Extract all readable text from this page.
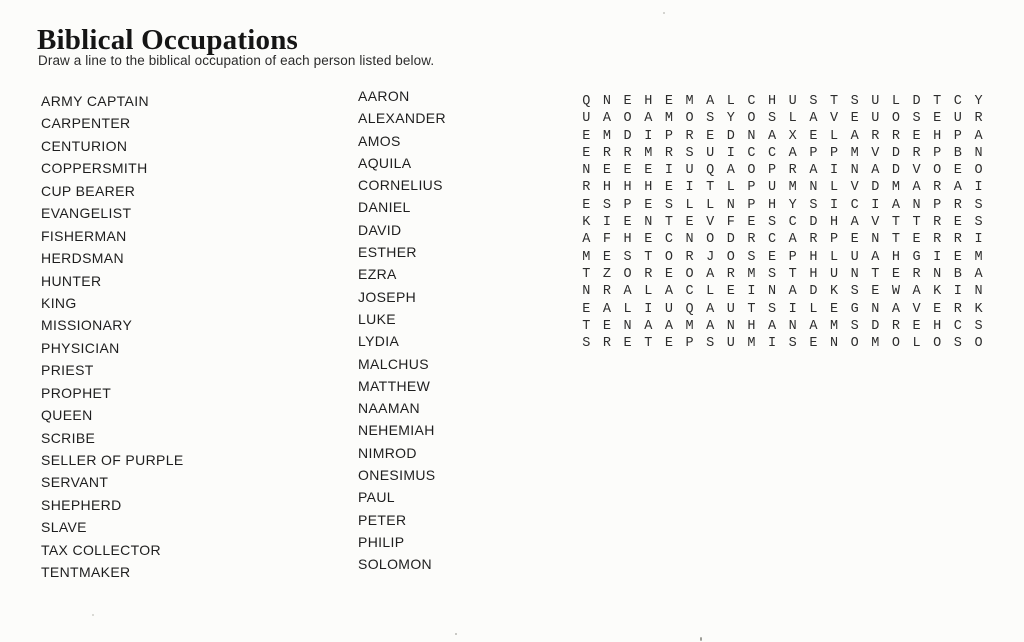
Biblical Occupations
Draw a line to the biblical occupation of each person listed below.
ARMY CAPTAIN
CARPENTER
CENTURION
COPPERSMITH
CUP BEARER
EVANGELIST
FISHERMAN
HERDSMAN
HUNTER
KING
MISSIONARY
PHYSICIAN
PRIEST
PROPHET
QUEEN
SCRIBE
SELLER OF PURPLE
SERVANT
SHEPHERD
SLAVE
TAX COLLECTOR
TENTMAKER
AARON
ALEXANDER
AMOS
AQUILA
CORNELIUS
DANIEL
DAVID
ESTHER
EZRA
JOSEPH
LUKE
LYDIA
MALCHUS
MATTHEW
NAAMAN
NEHEMIAH
NIMROD
ONESIMUS
PAUL
PETER
PHILIP
SOLOMON
Q N E H E M A L C H U S T S U L D T C Y
U A O A M O S Y O S L A V E U O S E U R
E M D I P R E D N A X E L A R R E H P A
E R R M R S U I C C A P P M V D R P B N
N E E E I U Q A O P R A I N A D V O E O
R H H H E I T L P U M N L V D M A R A I
E S P E S L L N P H Y S I C I A N P R S
K I E N T E V F E S C D H A V T T R E S
A F H E C N O D R C A R P E N T E R R I
M E S T O R J O S E P H L U A H G I E M
T Z O R E O A R M S T H U N T E R N B A
N R A L A C L E I N A D K S E W A K I N
E A L I U Q A U T S I L E G N A V E R K
T E N A A M A N H A N A M S D R E H C S
S R E T E P S U M I S E N O M O L O S O
